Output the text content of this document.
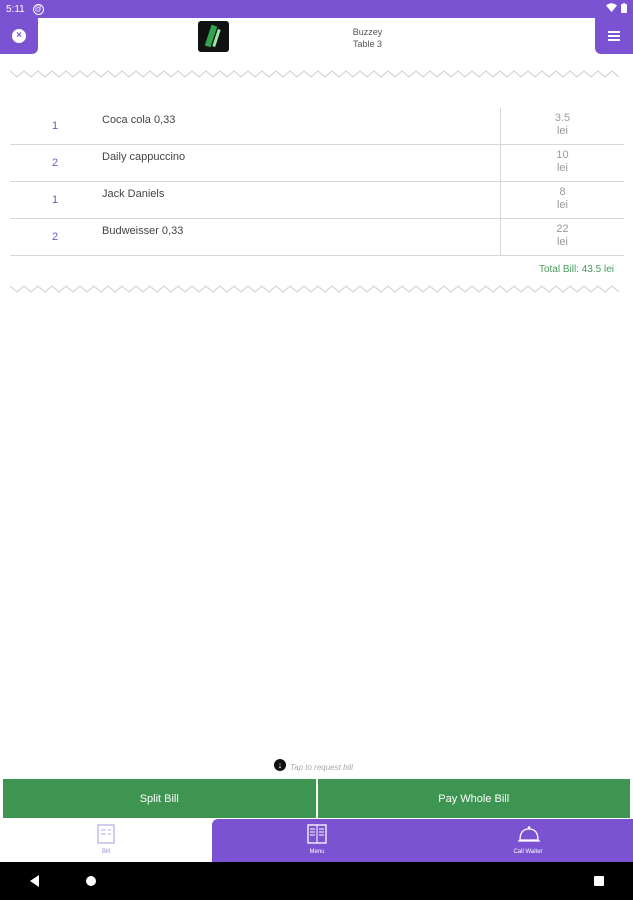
5:11 @
×	Buzzey
Table 3
1	Coca cola 0,33	3.5
lei
2	Daily cappuccino	10
lei
1	Jack Daniels	8
lei
2	Budweisser 0,33	22
lei
Total Bill: 43.5 lei
↓ Tap to request bill
Split Bill	Pay Whole Bill
Bill	Menu	Call Waiter
